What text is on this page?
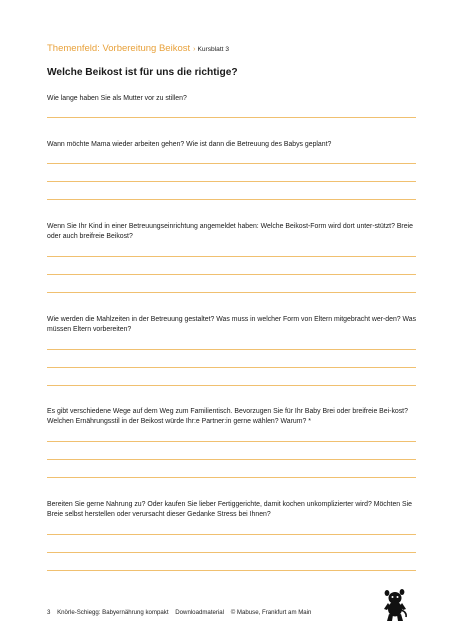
Themenfeld: Vorbereitung Beikost › Kursblatt 3
Welche Beikost ist für uns die richtige?
Wie lange haben Sie als Mutter vor zu stillen?
Wann möchte Mama wieder arbeiten gehen? Wie ist dann die Betreuung des Babys geplant?
Wenn Sie Ihr Kind in einer Betreuungseinrichtung angemeldet haben: Welche Beikost-Form wird dort unter-stützt? Breie oder auch breifreie Beikost?
Wie werden die Mahlzeiten in der Betreuung gestaltet? Was muss in welcher Form von Eltern mitgebracht wer-den? Was müssen Eltern vorbereiten?
Es gibt verschiedene Wege auf dem Weg zum Familientisch. Bevorzugen Sie für Ihr Baby Brei oder breifreie Bei-kost? Welchen Ernährungsstil in der Beikost würde Ihr:e Partner:in gerne wählen? Warum? *
Bereiten Sie gerne Nahrung zu? Oder kaufen Sie lieber Fertiggerichte, damit kochen unkomplizierter wird? Möchten Sie Breie selbst herstellen oder verursacht dieser Gedanke Stress bei Ihnen?
3 Knörle-Schiegg: Babyernährung kompakt Downloadmaterial © Mabuse, Frankfurt am Main
